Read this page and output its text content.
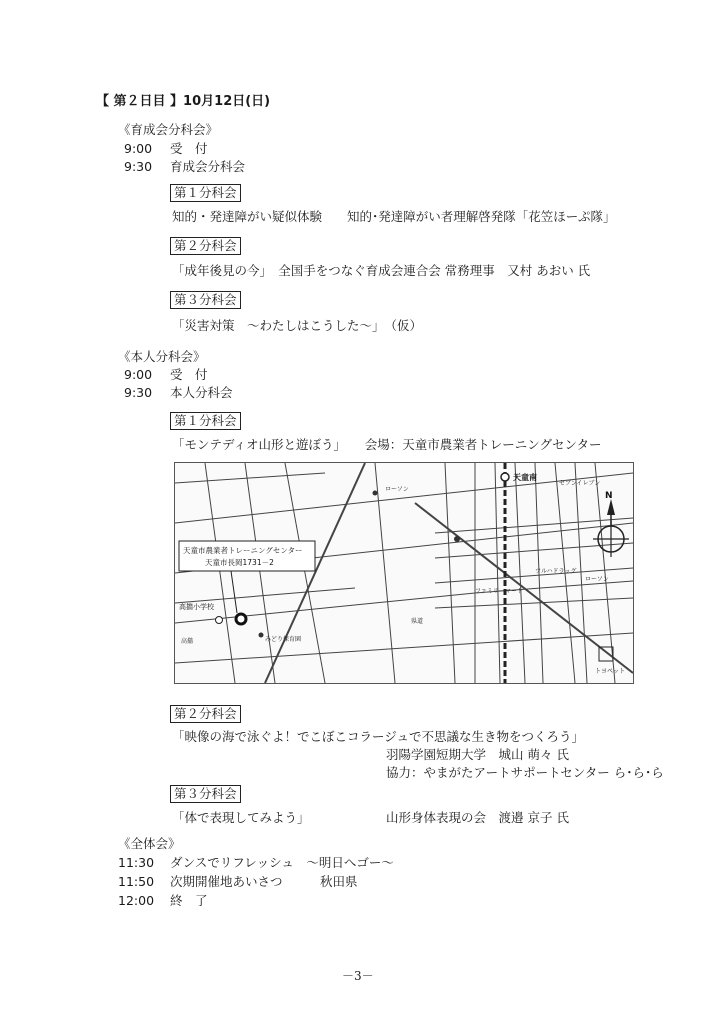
【 第２日目 】10月12日(日)
《育成会分科会》
9:00 受　付
9:30 育成会分科会
第１分科会
知的・発達障がい疑似体験　　知的･発達障がい者理解啓発隊「花笠ほーぷ隊」
第２分科会
「成年後見の今」　全国手をつなぐ育成会連合会 常務理事　又村 あおい 氏
第３分科会
「災害対策　～わたしはこうした～」　（仮）
《本人分科会》
9:00 受　付
9:30 本人分科会
第１分科会
「モンテディオ山形と遊ぼう」　　会場：天童市農業者トレーニングセンター
ローソン
セブンイレブン
ツルハドラッグ
ファミリーマート
みどり保育園
ローソン
トヨペット
県道
高擶
天童南
N
天童市農業者トレーニングセンター
天童市長岡1731－2
高擶小学校
第２分科会
「映像の海で泳ぐよ！でこぼこコラージュで不思議な生き物をつくろう」
羽陽学園短期大学　城山 萌々 氏
協力：やまがたアートサポートセンター ら･ら･ら
第３分科会
「体で表現してみよう」	山形身体表現の会　渡邉 京子 氏
《全体会》
11:30 ダンスでリフレッシュ　～明日へゴー～
11:50 次期開催地あいさつ　　　秋田県
12:00 終　了
－3－
